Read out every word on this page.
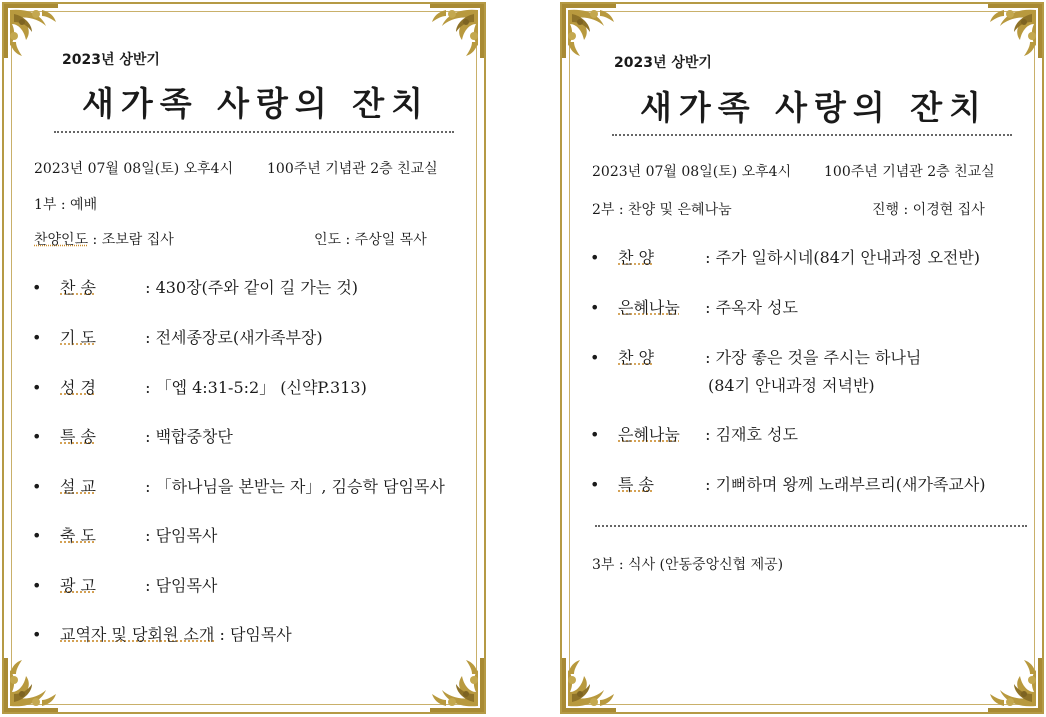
2023년 상반기
새가족 사랑의 잔치
2023년 07월 08일(토) 오후4시 100주년 기념관 2층 친교실
1부 : 예배
찬양인도 : 조보람 집사	인도 : 주상일 목사
• 찬 송	: 430장(주와 같이 길 가는 것)
• 기 도	: 전세종장로(새가족부장)
• 성 경	: 「엡 4:31-5:2」 (신약P.313)
• 특 송	: 백합중창단
• 설 교	: 「하나님을 본받는 자」, 김승학 담임목사
• 축 도	: 담임목사
• 광 고	: 담임목사
• 교역자 및 당회원 소개 : 담임목사
2023년 상반기
새가족 사랑의 잔치
2023년 07월 08일(토) 오후4시 100주년 기념관 2층 친교실
2부 : 찬양 및 은혜나눔	진행 : 이경현 집사
• 찬 양	: 주가 일하시네(84기 안내과정 오전반)
• 은혜나눔 : 주옥자 성도
• 찬 양	: 가장 좋은 것을 주시는 하나님
(84기 안내과정 저녁반)
• 은혜나눔 : 김재호 성도
• 특 송	: 기뻐하며 왕께 노래부르리(새가족교사)
3부 : 식사 (안동중앙신협 제공)
